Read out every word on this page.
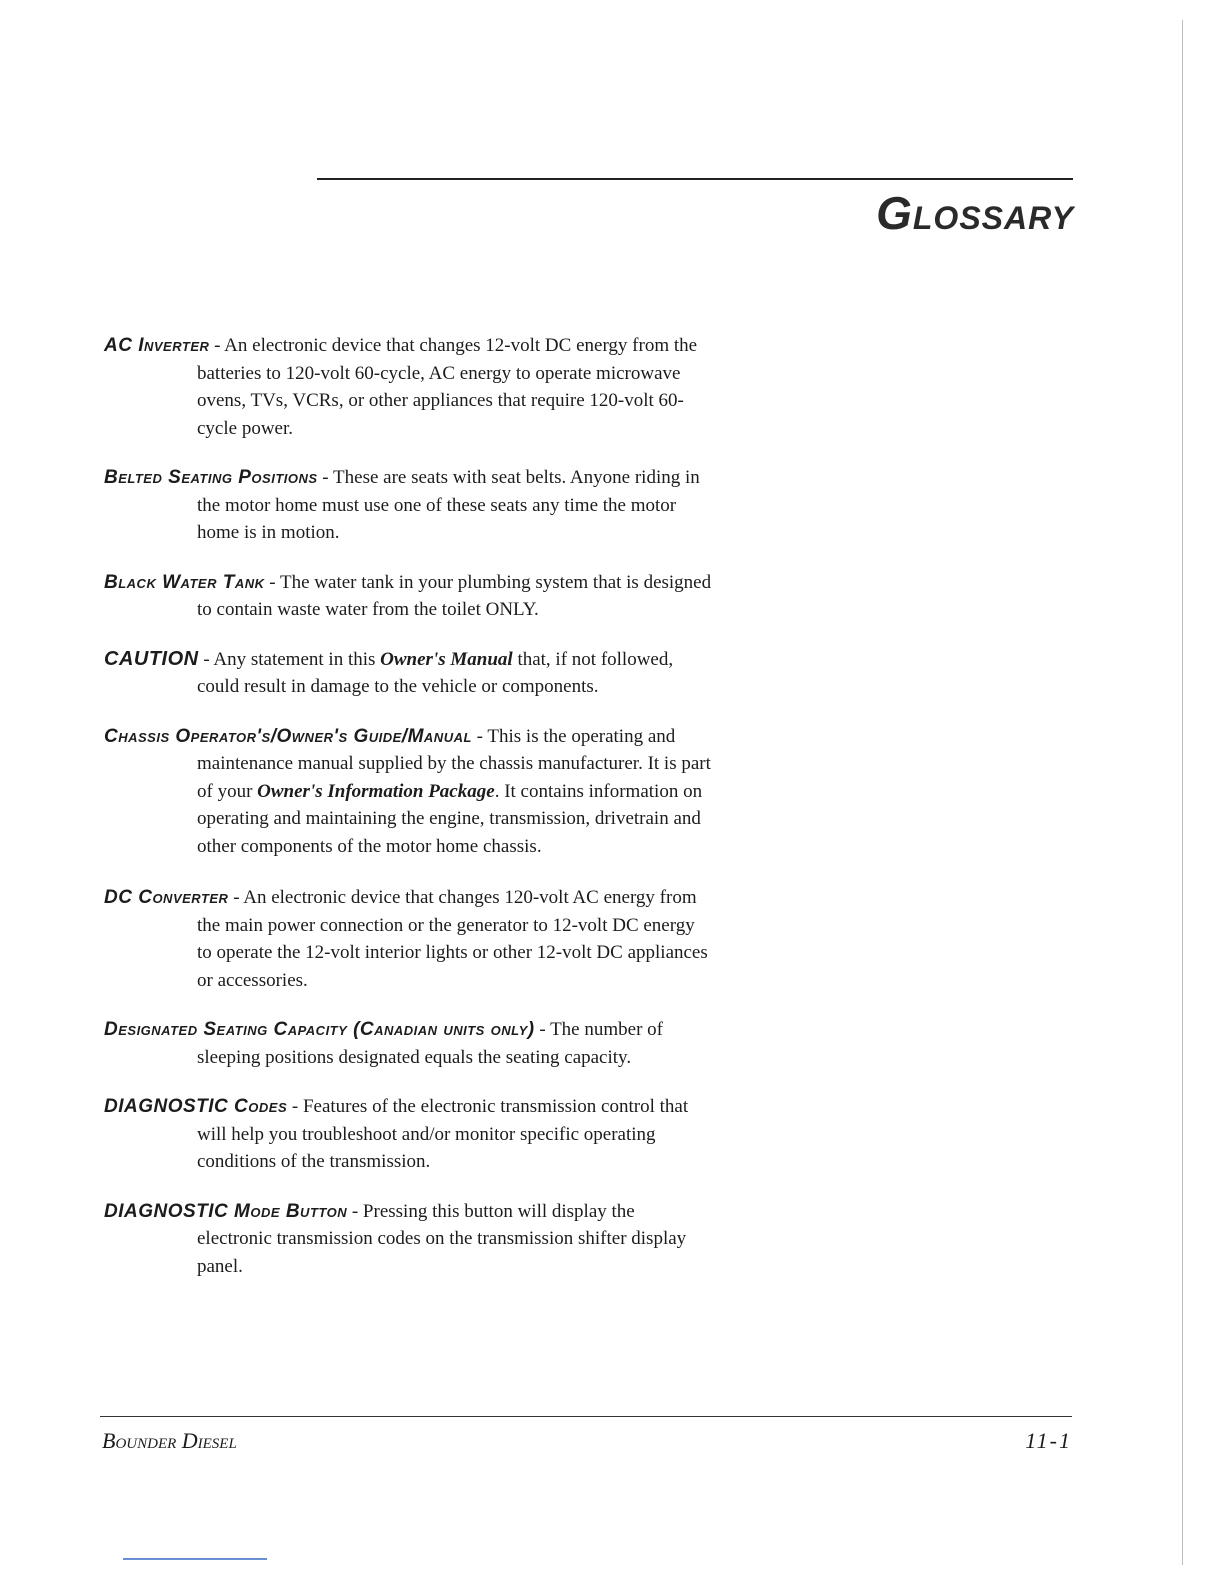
Glossary

AC Inverter - An electronic device that changes 12-volt DC energy from the batteries to 120-volt 60-cycle, AC energy to operate microwave ovens, TVs, VCRs, or other appliances that require 120-volt 60-cycle power.

Belted Seating Positions - These are seats with seat belts. Anyone riding in the motor home must use one of these seats any time the motor home is in motion.

Black Water Tank - The water tank in your plumbing system that is designed to contain waste water from the toilet ONLY.

CAUTION - Any statement in this Owner's Manual that, if not followed, could result in damage to the vehicle or components.

Chassis Operator's/Owner's Guide/Manual - This is the operating and maintenance manual supplied by the chassis manufacturer. It is part of your Owner's Information Package. It contains information on operating and maintaining the engine, transmission, drivetrain and other components of the motor home chassis.

DC Converter - An electronic device that changes 120-volt AC energy from the main power connection or the generator to 12-volt DC energy to operate the 12-volt interior lights or other 12-volt DC appliances or accessories.

Designated Seating Capacity (Canadian units only) - The number of sleeping positions designated equals the seating capacity.

DIAGNOSTIC Codes - Features of the electronic transmission control that will help you troubleshoot and/or monitor specific operating conditions of the transmission.

DIAGNOSTIC Mode Button - Pressing this button will display the electronic transmission codes on the transmission shifter display panel.

Bounder Diesel	11-1
